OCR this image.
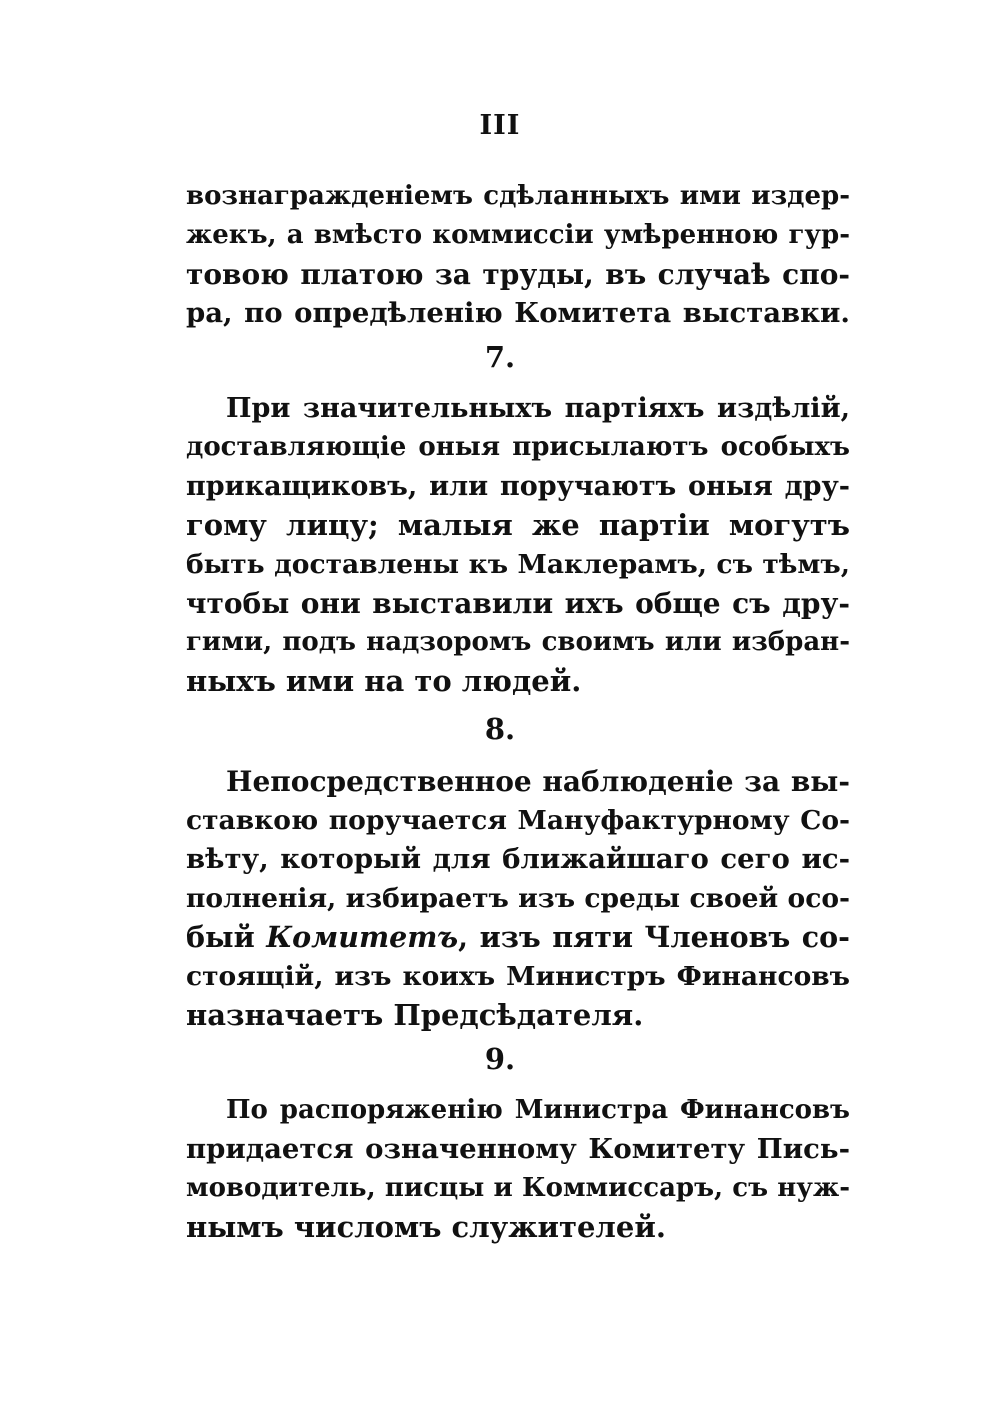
III
вознагражденіемъ сдѣланныхъ ими издер-
жекъ, а вмѣсто коммиссіи умѣренною гур-
товою платою за труды, въ случаѣ спо-
ра, по опредѣленію Комитета выставки.
7.
При значительныхъ партіяхъ издѣлій,
доставляющіе оныя присылаютъ особыхъ
прикащиковъ, или поручаютъ оныя дру-
гому лицу; малыя же партіи могутъ
быть доставлены къ Маклерамъ, съ тѣмъ,
чтобы они выставили ихъ обще съ дру-
гими, подъ надзоромъ своимъ или избран-
ныхъ ими на то людей.
8.
Непосредственное наблюденіе за вы-
ставкою поручается Мануфактурному Со-
вѣту, который для ближайшаго сего ис-
полненія, избираетъ изъ среды своей осо-
бый Комитетъ, изъ пяти Членовъ со-
стоящій, изъ коихъ Министръ Финансовъ
назначаетъ Предсѣдателя.
9.
По распоряженію Министра Финансовъ
придается означенному Комитету Пись-
моводитель, писцы и Коммиссаръ, съ нуж-
нымъ числомъ служителей.
